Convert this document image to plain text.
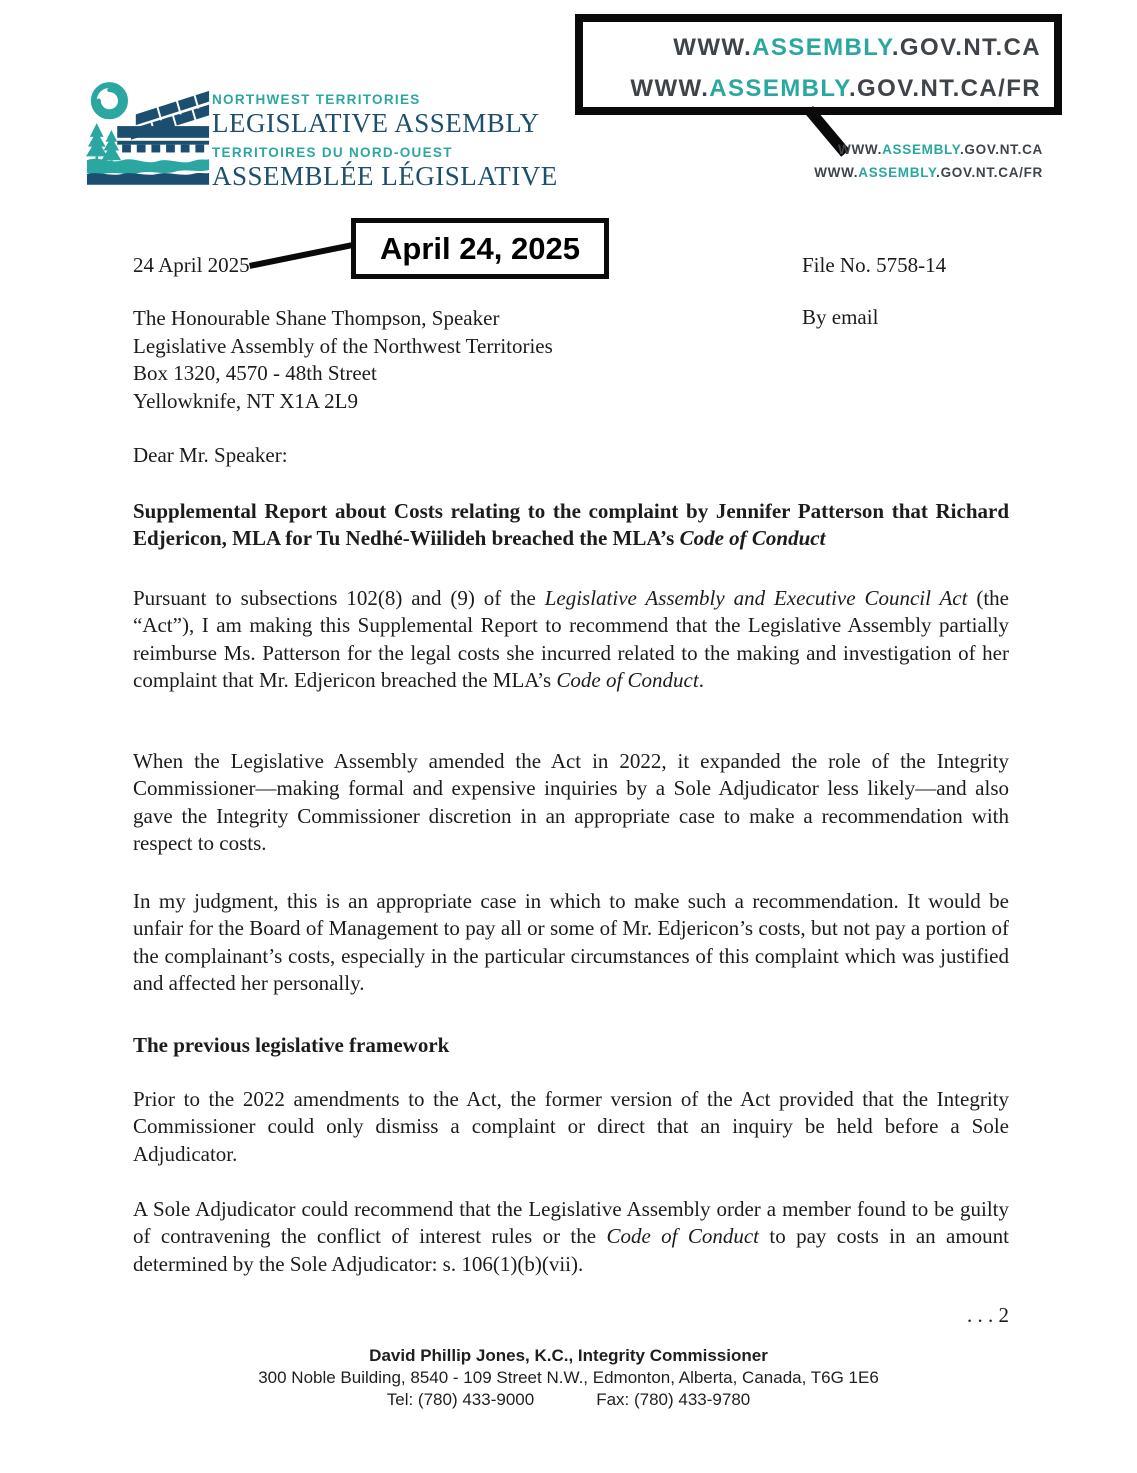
NORTHWEST TERRITORIES
LEGISLATIVE ASSEMBLY
TERRITOIRES DU NORD-OUEST
ASSEMBLÉE LÉGISLATIVE
WWW.ASSEMBLY.GOV.NT.CA
WWW.ASSEMBLY.GOV.NT.CA/FR
WWW.ASSEMBLY.GOV.NT.CA
WWW.ASSEMBLY.GOV.NT.CA/FR
24 April 2025	April 24, 2025	File No. 5758-14
The Honourable Shane Thompson, Speaker
Legislative Assembly of the Northwest Territories
Box 1320, 4570 - 48th Street
Yellowknife, NT X1A 2L9
By email
Dear Mr. Speaker:
Supplemental Report about Costs relating to the complaint by Jennifer Patterson that Richard Edjericon, MLA for Tu Nedhé-Wiilideh breached the MLA’s Code of Conduct
Pursuant to subsections 102(8) and (9) of the Legislative Assembly and Executive Council Act (the “Act”), I am making this Supplemental Report to recommend that the Legislative Assembly partially reimburse Ms. Patterson for the legal costs she incurred related to the making and investigation of her complaint that Mr. Edjericon breached the MLA’s Code of Conduct.
When the Legislative Assembly amended the Act in 2022, it expanded the role of the Integrity Commissioner—making formal and expensive inquiries by a Sole Adjudicator less likely—and also gave the Integrity Commissioner discretion in an appropriate case to make a recommendation with respect to costs.
In my judgment, this is an appropriate case in which to make such a recommendation. It would be unfair for the Board of Management to pay all or some of Mr. Edjericon’s costs, but not pay a portion of the complainant’s costs, especially in the particular circumstances of this complaint which was justified and affected her personally.
The previous legislative framework
Prior to the 2022 amendments to the Act, the former version of the Act provided that the Integrity Commissioner could only dismiss a complaint or direct that an inquiry be held before a Sole Adjudicator.
A Sole Adjudicator could recommend that the Legislative Assembly order a member found to be guilty of contravening the conflict of interest rules or the Code of Conduct to pay costs in an amount determined by the Sole Adjudicator: s. 106(1)(b)(vii).
. . . 2
David Phillip Jones, K.C., Integrity Commissioner
300 Noble Building, 8540 - 109 Street N.W., Edmonton, Alberta, Canada, T6G 1E6
Tel: (780) 433-9000	Fax: (780) 433-9780
